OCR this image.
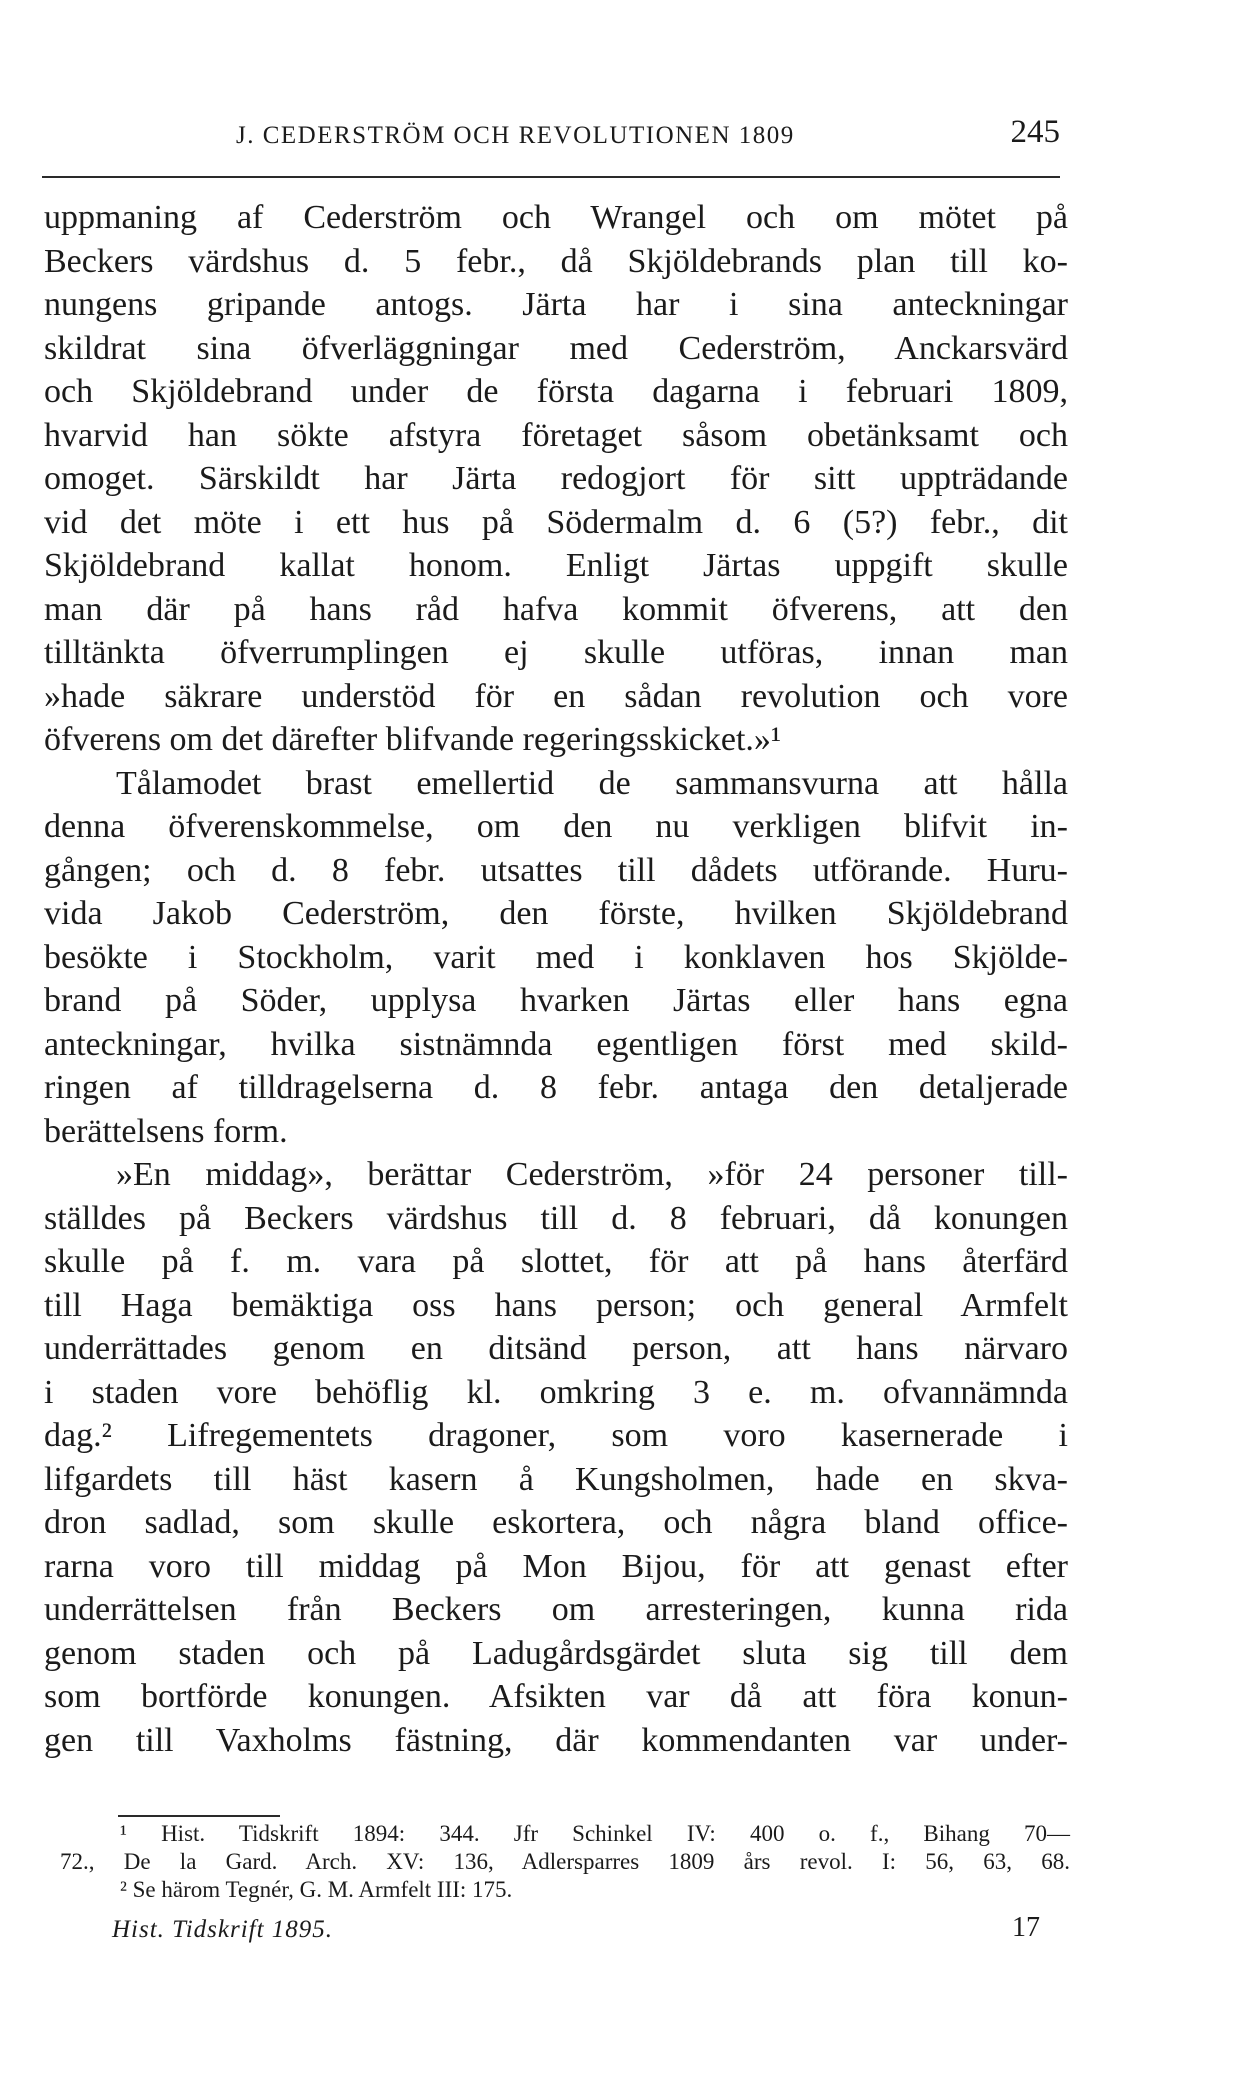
J. CEDERSTRÖM OCH REVOLUTIONEN 1809	245
uppmaning af Cederström och Wrangel och om mötet på
Beckers värdshus d. 5 febr., då Skjöldebrands plan till ko-
nungens gripande antogs. Järta har i sina anteckningar
skildrat sina öfverläggningar med Cederström, Anckarsvärd
och Skjöldebrand under de första dagarna i februari 1809,
hvarvid han sökte afstyra företaget såsom obetänksamt och
omoget. Särskildt har Järta redogjort för sitt uppträdande
vid det möte i ett hus på Södermalm d. 6 (5?) febr., dit
Skjöldebrand kallat honom. Enligt Järtas uppgift skulle
man där på hans råd hafva kommit öfverens, att den
tilltänkta öfverrumplingen ej skulle utföras, innan man
»hade säkrare understöd för en sådan revolution och vore
öfverens om det därefter blifvande regeringsskicket.»¹
Tålamodet brast emellertid de sammansvurna att hålla
denna öfverenskommelse, om den nu verkligen blifvit in-
gången; och d. 8 febr. utsattes till dådets utförande. Huru-
vida Jakob Cederström, den förste, hvilken Skjöldebrand
besökte i Stockholm, varit med i konklaven hos Skjölde-
brand på Söder, upplysa hvarken Järtas eller hans egna
anteckningar, hvilka sistnämnda egentligen först med skild-
ringen af tilldragelserna d. 8 febr. antaga den detaljerade
berättelsens form.
»En middag», berättar Cederström, »för 24 personer till-
ställdes på Beckers värdshus till d. 8 februari, då konungen
skulle på f. m. vara på slottet, för att på hans återfärd
till Haga bemäktiga oss hans person; och general Armfelt
underrättades genom en ditsänd person, att hans närvaro
i staden vore behöflig kl. omkring 3 e. m. ofvannämnda
dag.² Lifregementets dragoner, som voro kasernerade i
lifgardets till häst kasern å Kungsholmen, hade en skva-
dron sadlad, som skulle eskortera, och några bland office-
rarna voro till middag på Mon Bijou, för att genast efter
underrättelsen från Beckers om arresteringen, kunna rida
genom staden och på Ladugårdsgärdet sluta sig till dem
som bortförde konungen. Afsikten var då att föra konun-
gen till Vaxholms fästning, där kommendanten var under-
¹ Hist. Tidskrift 1894: 344. Jfr Schinkel IV: 400 o. f., Bihang 70—
72., De la Gard. Arch. XV: 136, Adlersparres 1809 års revol. I: 56, 63, 68.
² Se härom Tegnér, G. M. Armfelt III: 175.
Hist. Tidskrift 1895.	17
